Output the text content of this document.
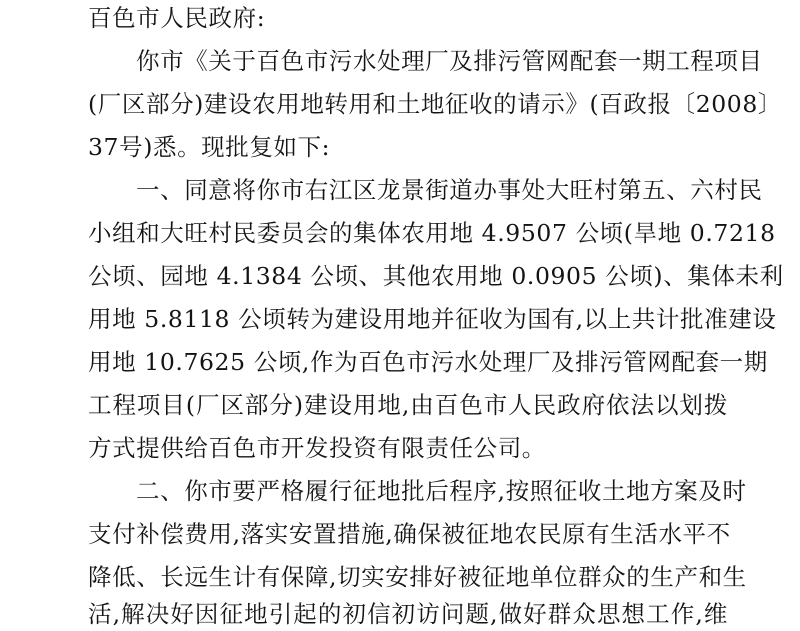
百色市人民政府:
你市《关于百色市污水处理厂及排污管网配套一期工程项目
(厂区部分)建设农用地转用和土地征收的请示》(百政报〔2008〕
37号)悉。现批复如下:
一、同意将你市右江区龙景街道办事处大旺村第五、六村民
小组和大旺村民委员会的集体农用地 4.9507 公顷(旱地 0.7218
公顷、园地 4.1384 公顷、其他农用地 0.0905 公顷)、集体未利
用地 5.8118 公顷转为建设用地并征收为国有,以上共计批准建设
用地 10.7625 公顷,作为百色市污水处理厂及排污管网配套一期
工程项目(厂区部分)建设用地,由百色市人民政府依法以划拨
方式提供给百色市开发投资有限责任公司。
二、你市要严格履行征地批后程序,按照征收土地方案及时
支付补偿费用,落实安置措施,确保被征地农民原有生活水平不
降低、长远生计有保障,切实安排好被征地单位群众的生产和生
活,解决好因征地引起的初信初访问题,做好群众思想工作,维
